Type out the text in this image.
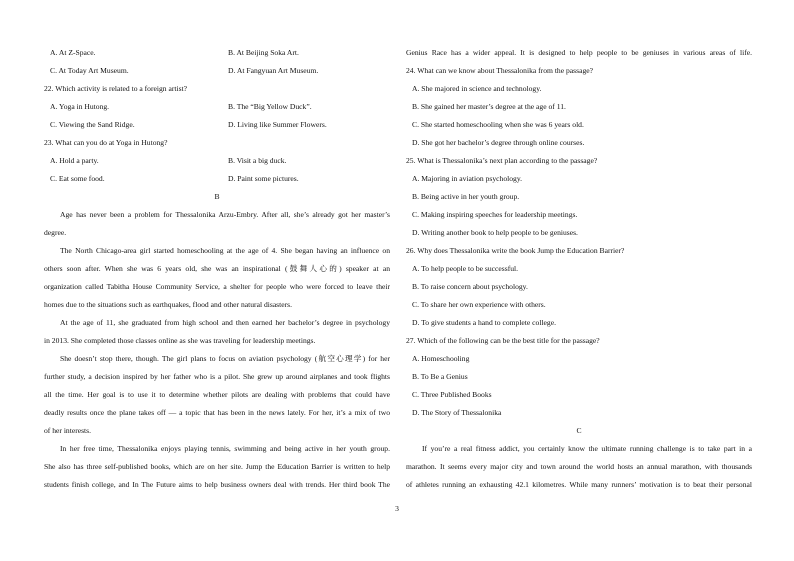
A. At Z-Space.	B. At Beijing Soka Art.
C. At Today Art Museum.	D. At Fangyuan Art Museum.
22. Which activity is related to a foreign artist?
A. Yoga in Hutong.	B. The “Big Yellow Duck”.
C. Viewing the Sand Ridge.	D. Living like Summer Flowers.
23. What can you do at Yoga in Hutong?
A. Hold a party.	B. Visit a big duck.
C. Eat some food.	D. Paint some pictures.
B
Age has never been a problem for Thessalonika Arzu-Embry. After all, she’s already got her master’s
degree.
The North Chicago-area girl started homeschooling at the age of 4. She began having an influence on
others soon after. When she was 6 years old, she was an inspirational (鼓舞人心的) speaker at an
organization called Tabitha House Community Service, a shelter for people who were forced to leave their
homes due to the situations such as earthquakes, flood and other natural disasters.
At the age of 11, she graduated from high school and then earned her bachelor’s degree in psychology
in 2013. She completed those classes online as she was traveling for leadership meetings.
She doesn’t stop there, though. The girl plans to focus on aviation psychology (航空心理学) for her
further study, a decision inspired by her father who is a pilot. She grew up around airplanes and took flights
all the time. Her goal is to use it to determine whether pilots are dealing with problems that could have
deadly results once the plane takes off — a topic that has been in the news lately. For her, it’s a mix of two
of her interests.
In her free time, Thessalonika enjoys playing tennis, swimming and being active in her youth group.
She also has three self-published books, which are on her site. Jump the Education Barrier is written to help
students finish college, and In The Future aims to help business owners deal with trends. Her third book The
Genius Race has a wider appeal. It is designed to help people to be geniuses in various areas of life.
24. What can we know about Thessalonika from the passage?
A. She majored in science and technology.
B. She gained her master’s degree at the age of 11.
C. She started homeschooling when she was 6 years old.
D. She got her bachelor’s degree through online courses.
25. What is Thessalonika’s next plan according to the passage?
A. Majoring in aviation psychology.
B. Being active in her youth group.
C. Making inspiring speeches for leadership meetings.
D. Writing another book to help people to be geniuses.
26. Why does Thessalonika write the book Jump the Education Barrier?
A. To help people to be successful.
B. To raise concern about psychology.
C. To share her own experience with others.
D. To give students a hand to complete college.
27. Which of the following can be the best title for the passage?
A. Homeschooling
B. To Be a Genius
C. Three Published Books
D. The Story of Thessalonika
C
If you’re a real fitness addict, you certainly know the ultimate running challenge is to take part in a
marathon. It seems every major city and town around the world hosts an annual marathon, with thousands
of athletes running an exhausting 42.1 kilometres. While many runners’ motivation is to beat their personal
3
